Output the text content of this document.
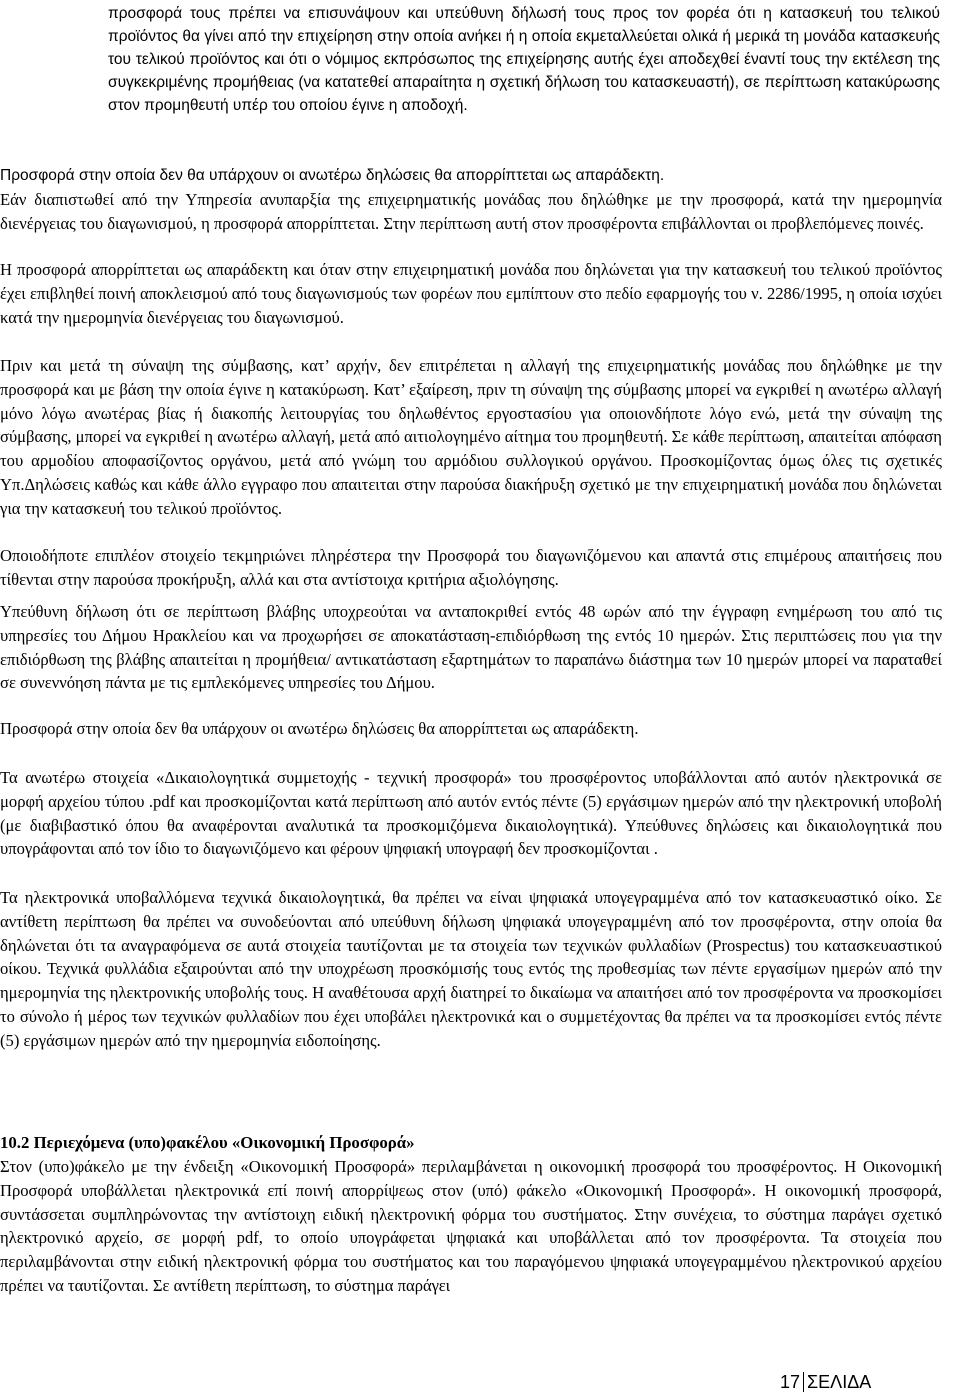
προσφορά τους πρέπει να επισυνάψουν και υπεύθυνη δήλωσή τους προς τον φορέα ότι η κατασκευή του τελικού προϊόντος θα γίνει από την επιχείρηση στην οποία ανήκει ή η οποία εκμεταλλεύεται ολικά ή μερικά τη μονάδα κατασκευής του τελικού προϊόντος και ότι ο νόμιμος εκπρόσωπος της επιχείρησης αυτής έχει αποδεχθεί έναντί τους την εκτέλεση της συγκεκριμένης προμήθειας (να κατατεθεί απαραίτητα η σχετική δήλωση του κατασκευαστή), σε περίπτωση κατακύρωσης στον προμηθευτή υπέρ του οποίου έγινε η αποδοχή.

Προσφορά στην οποία δεν θα υπάρχουν οι ανωτέρω δηλώσεις θα απορρίπτεται ως απαράδεκτη.

Εάν διαπιστωθεί από την Υπηρεσία ανυπαρξία της επιχειρηματικής μονάδας που δηλώθηκε με την προσφορά, κατά την ημερομηνία διενέργειας του διαγωνισμού, η προσφορά απορρίπτεται. Στην περίπτωση αυτή στον προσφέροντα επιβάλλονται οι προβλεπόμενες ποινές.

Η προσφορά απορρίπτεται ως απαράδεκτη και όταν στην επιχειρηματική μονάδα που δηλώνεται για την κατασκευή του τελικού προϊόντος έχει επιβληθεί ποινή αποκλεισμού από τους διαγωνισμούς των φορέων που εμπίπτουν στο πεδίο εφαρμογής του ν. 2286/1995, η οποία ισχύει κατά την ημερομηνία διενέργειας του διαγωνισμού.

Πριν και μετά τη σύναψη της σύμβασης, κατ’ αρχήν, δεν επιτρέπεται η αλλαγή της επιχειρηματικής μονάδας που δηλώθηκε με την προσφορά και με βάση την οποία έγινε η κατακύρωση. Κατ’ εξαίρεση, πριν τη σύναψη της σύμβασης μπορεί να εγκριθεί η ανωτέρω αλλαγή μόνο λόγω ανωτέρας βίας ή διακοπής λειτουργίας του δηλωθέντος εργοστασίου για οποιονδήποτε λόγο ενώ, μετά την σύναψη της σύμβασης, μπορεί να εγκριθεί η ανωτέρω αλλαγή, μετά από αιτιολογημένο αίτημα του προμηθευτή. Σε κάθε περίπτωση, απαιτείται απόφαση του αρμοδίου αποφασίζοντος οργάνου, μετά από γνώμη του αρμόδιου συλλογικού οργάνου. Προσκομίζοντας όμως όλες τις σχετικές Υπ.Δηλώσεις καθώς και κάθε άλλο εγγραφο που απαιτειται στην παρούσα διακήρυξη σχετικό με την επιχειρηματική μονάδα που δηλώνεται για την κατασκευή του τελικού προϊόντος.

Οποιοδήποτε επιπλέον στοιχείο τεκμηριώνει πληρέστερα την Προσφορά του διαγωνιζόμενου και απαντά στις επιμέρους απαιτήσεις που τίθενται στην παρούσα προκήρυξη, αλλά και στα αντίστοιχα κριτήρια αξιολόγησης.

Υπεύθυνη δήλωση ότι σε περίπτωση βλάβης υποχρεούται να ανταποκριθεί εντός 48 ωρών από την έγγραφη ενημέρωση του από τις υπηρεσίες του Δήμου Ηρακλείου και να προχωρήσει σε αποκατάσταση-επιδιόρθωση της εντός 10 ημερών. Στις περιπτώσεις που για την επιδιόρθωση της βλάβης απαιτείται η προμήθεια/ αντικατάσταση εξαρτημάτων το παραπάνω διάστημα των 10 ημερών μπορεί να παραταθεί σε συνεννόηση πάντα με τις εμπλεκόμενες υπηρεσίες του Δήμου.

Προσφορά στην οποία δεν θα υπάρχουν οι ανωτέρω δηλώσεις θα απορρίπτεται ως απαράδεκτη.

Τα ανωτέρω στοιχεία «Δικαιολογητικά συμμετοχής - τεχνική προσφορά» του προσφέροντος υποβάλλονται από αυτόν ηλεκτρονικά σε μορφή αρχείου τύπου .pdf και προσκομίζονται κατά περίπτωση από αυτόν εντός πέντε (5) εργάσιμων ημερών από την ηλεκτρονική υποβολή (με διαβιβαστικό όπου θα αναφέρονται αναλυτικά τα προσκομιζόμενα δικαιολογητικά). Υπεύθυνες δηλώσεις και δικαιολογητικά που υπογράφονται από τον ίδιο το διαγωνιζόμενο και φέρουν ψηφιακή υπογραφή δεν προσκομίζονται .

Τα ηλεκτρονικά υποβαλλόμενα τεχνικά δικαιολογητικά, θα πρέπει να είναι ψηφιακά υπογεγραμμένα από τον κατασκευαστικό οίκο. Σε αντίθετη περίπτωση θα πρέπει να συνοδεύονται από υπεύθυνη δήλωση ψηφιακά υπογεγραμμένη από τον προσφέροντα, στην οποία θα δηλώνεται ότι τα αναγραφόμενα σε αυτά στοιχεία ταυτίζονται με τα στοιχεία των τεχνικών φυλλαδίων (Prospectus) του κατασκευαστικού οίκου. Τεχνικά φυλλάδια εξαιρούνται από την υποχρέωση προσκόμισής τους εντός της προθεσμίας των πέντε εργασίμων ημερών από την ημερομηνία της ηλεκτρονικής υποβολής τους. Η αναθέτουσα αρχή διατηρεί το δικαίωμα να απαιτήσει από τον προσφέροντα να προσκομίσει το σύνολο ή μέρος των τεχνικών φυλλαδίων που έχει υποβάλει ηλεκτρονικά και ο συμμετέχοντας θα πρέπει να τα προσκομίσει εντός πέντε (5) εργάσιμων ημερών από την ημερομηνία ειδοποίησης.

10.2 Περιεχόμενα (υπο)φακέλου «Οικονομική Προσφορά»

Στον (υπο)φάκελο με την ένδειξη «Οικονομική Προσφορά» περιλαμβάνεται η οικονομική προσφορά του προσφέροντος. Η Οικονομική Προσφορά υποβάλλεται ηλεκτρονικά επί ποινή απορρίψεως στον (υπό) φάκελο «Οικονομική Προσφορά». Η οικονομική προσφορά, συντάσσεται συμπληρώνοντας την αντίστοιχη ειδική ηλεκτρονική φόρμα του συστήματος. Στην συνέχεια, το σύστημα παράγει σχετικό ηλεκτρονικό αρχείο, σε μορφή pdf, το οποίο υπογράφεται ψηφιακά και υποβάλλεται από τον προσφέροντα. Τα στοιχεία που περιλαμβάνονται στην ειδική ηλεκτρονική φόρμα του συστήματος και του παραγόμενου ψηφιακά υπογεγραμμένου ηλεκτρονικού αρχείου πρέπει να ταυτίζονται. Σε αντίθετη περίπτωση, το σύστημα παράγει

17 ΣΕΛΙΔΑ
